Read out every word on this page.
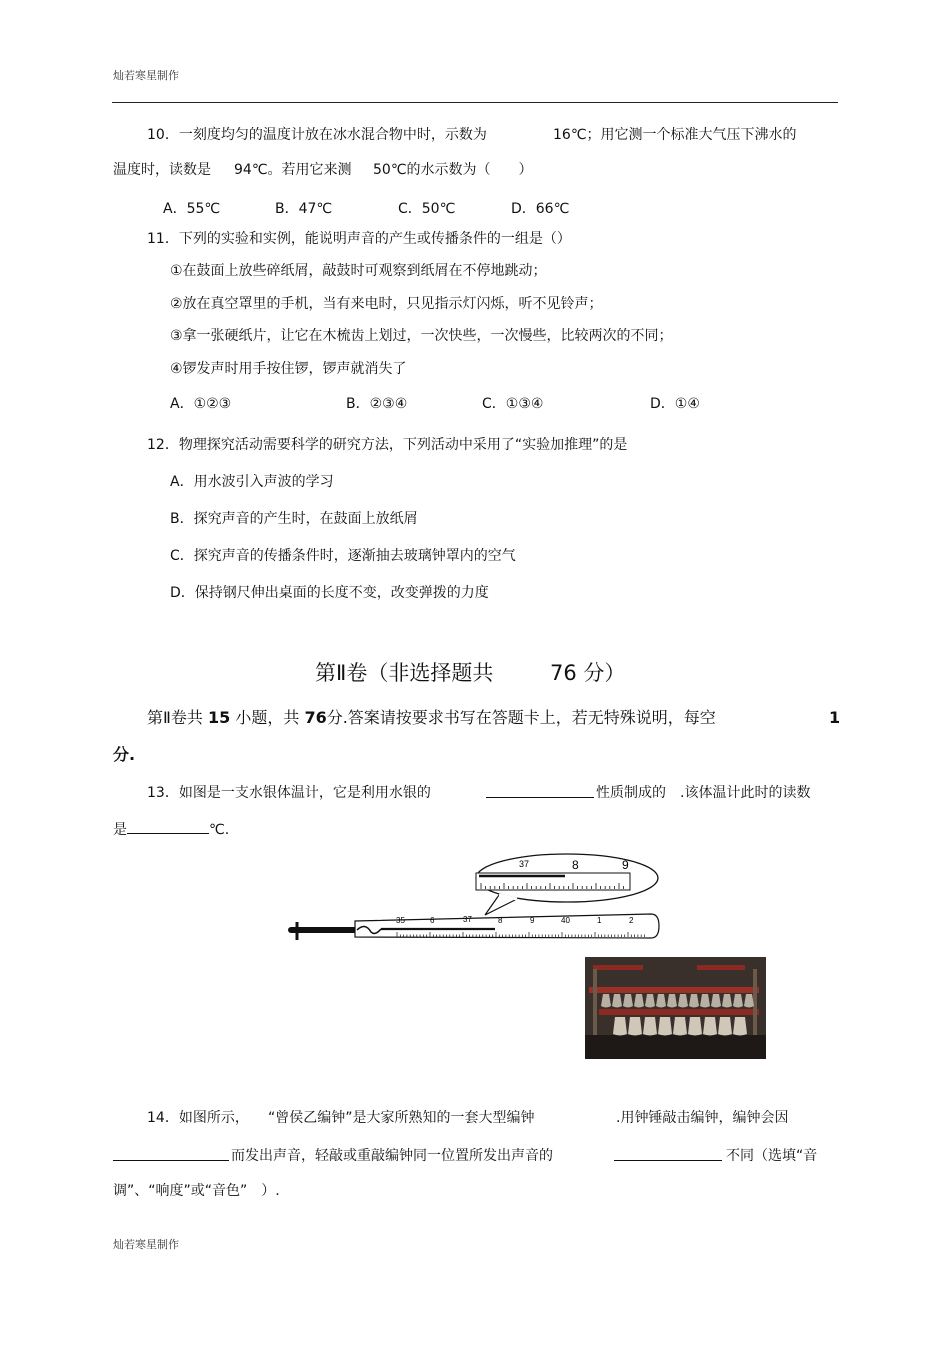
灿若寒星制作
10．一刻度均匀的温度计放在冰水混合物中时，示数为	16℃；用它测一个标准大气压下沸水的
温度时，读数是 94℃。若用它来测 50℃的水示数为（　　）
A．55℃	B．47℃	C．50℃	D．66℃
11．下列的实验和实例，能说明声音的产生或传播条件的一组是（）
①在鼓面上放些碎纸屑，敲鼓时可观察到纸屑在不停地跳动；
②放在真空罩里的手机，当有来电时，只见指示灯闪烁，听不见铃声；
③拿一张硬纸片，让它在木梳齿上划过，一次快些，一次慢些，比较两次的不同；
④锣发声时用手按住锣，锣声就消失了
A．①②③	B．②③④	C．①③④	D．①④
12．物理探究活动需要科学的研究方法，下列活动中采用了“实验加推理”的是
A．用水波引入声波的学习
B．探究声音的产生时，在鼓面上放纸屑
C．探究声音的传播条件时，逐渐抽去玻璃钟罩内的空气
D．保持钢尺伸出桌面的长度不变，改变弹拨的力度
第Ⅱ卷（非选择题共	76 分）
第Ⅱ卷共 15 小题，共 76分.答案请按要求书写在答题卡上，若无特殊说明，每空	1
分.
13．如图是一支水银体温计，它是利用水银的	性质制成的 .该体温计此时的读数
是	℃.
37	8	9
35	6	37	8	9	40	1	2
14．如图所示， “曾侯乙编钟”是大家所熟知的一套大型编钟	.用钟锤敲击编钟，编钟会因
而发出声音，轻敲或重敲编钟同一位置所发出声音的	不同（选填“音
调”、“响度”或“音色”　）.
灿若寒星制作
